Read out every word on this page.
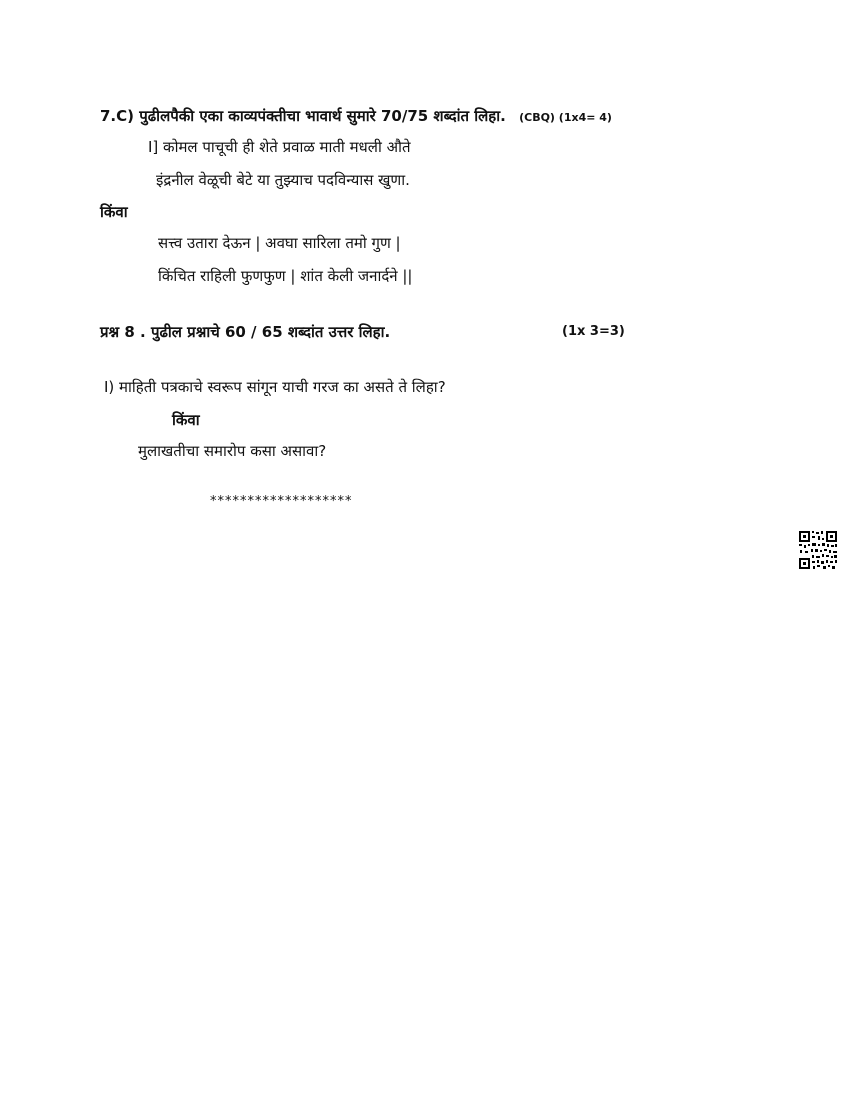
7.C) पुढीलपैकी एका काव्यपंक्तीचा भावार्थ सुमारे 70/75 शब्दांत लिहा. (CBQ) (1x4= 4)
I] कोमल पाचूची ही शेते प्रवाळ माती मधली औते
इंद्रनील वेळूची बेटे या तुझ्याच पदविन्यास खुणा.
किंवा
सत्त्व उतारा देऊन | अवघा सारिला तमो गुण |
किंचित राहिली फुणफुण | शांत केली जनार्दने ||
प्रश्न 8 . पुढील प्रश्नाचे 60 / 65 शब्दांत उत्तर लिहा.	(1x 3=3)
I) माहिती पत्रकाचे स्वरूप सांगून याची गरज का असते ते लिहा?
किंवा
मुलाखतीचा समारोप कसा असावा?
*******************
